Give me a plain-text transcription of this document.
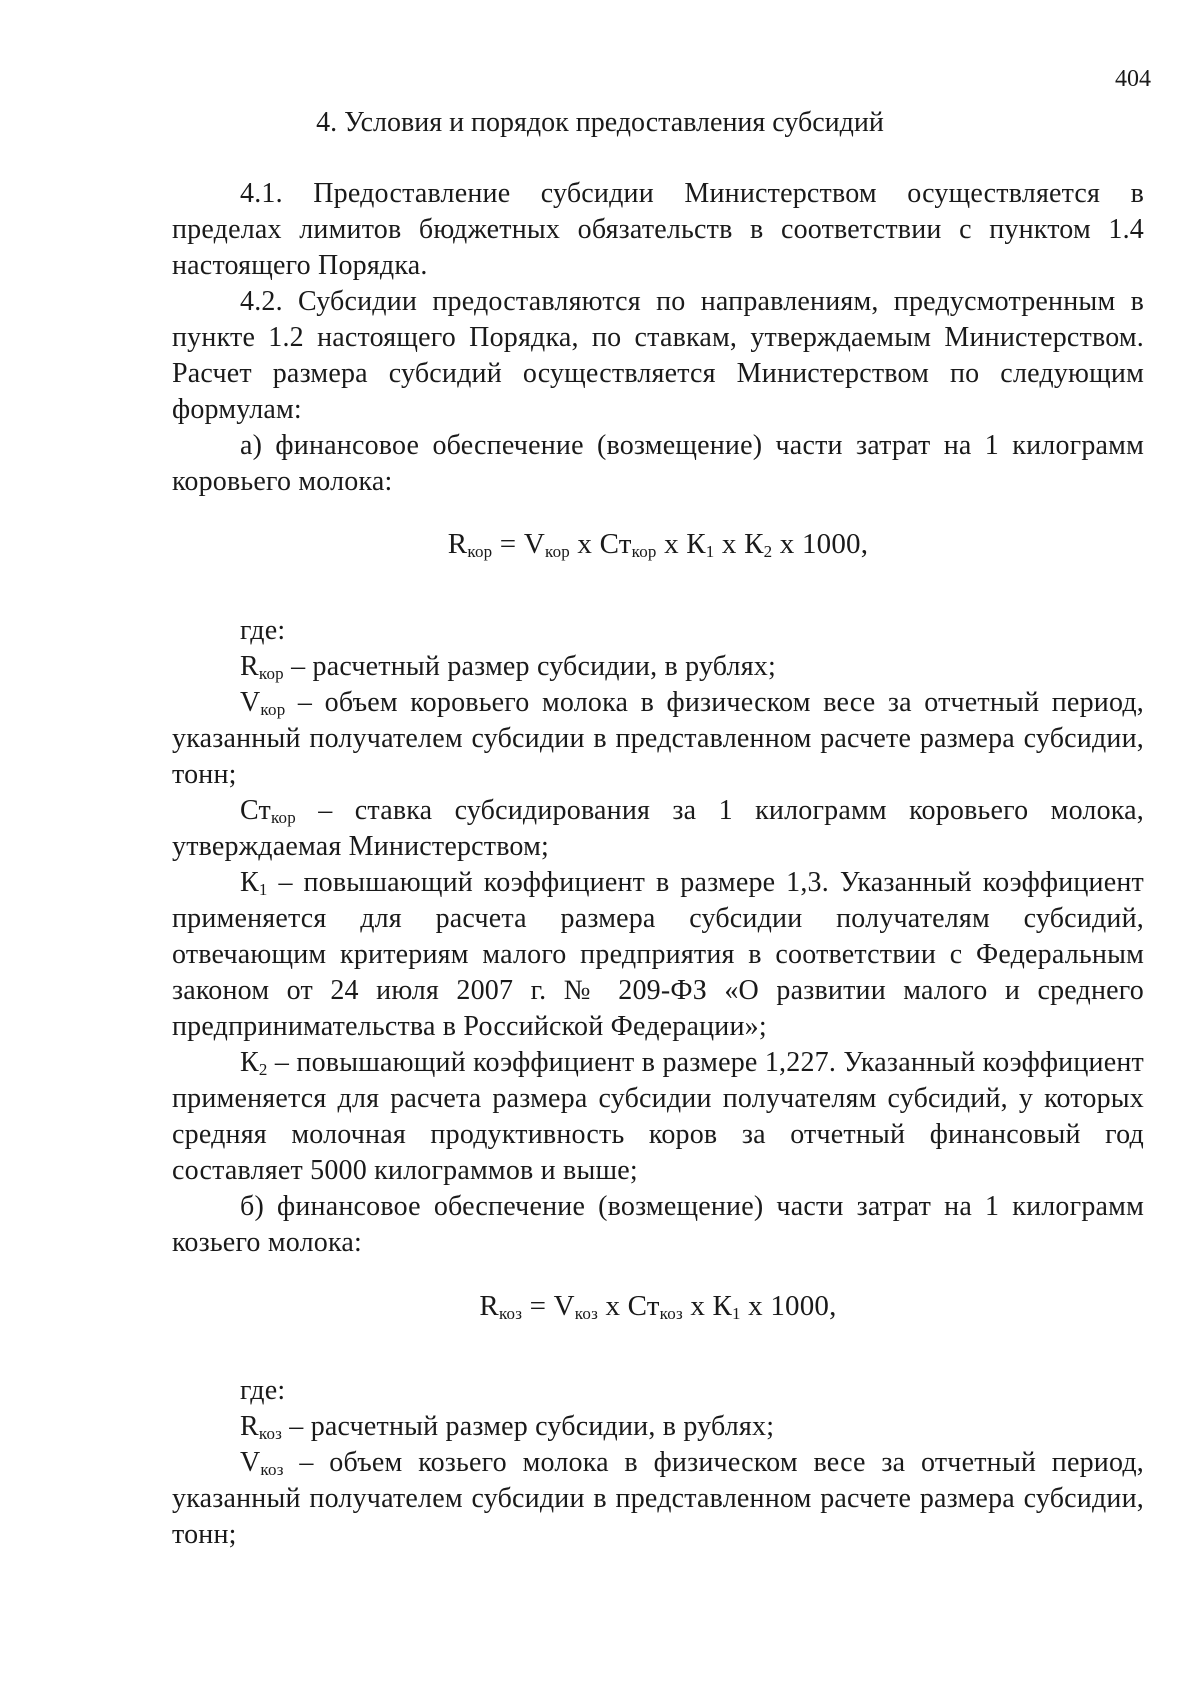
404
4. Условия и порядок предоставления субсидий

4.1. Предоставление субсидии Министерством осуществляется в пределах лимитов бюджетных обязательств в соответствии с пунктом 1.4 настоящего Порядка.

4.2. Субсидии предоставляются по направлениям, предусмотренным в пункте 1.2 настоящего Порядка, по ставкам, утверждаемым Министерством. Расчет размера субсидий осуществляется Министерством по следующим формулам:

а) финансовое обеспечение (возмещение) части затрат на 1 килограмм коровьего молока:

$R_{кор} = V_{кор}$ x $Ст_{кор}$ x $К_1$ x $К_2$ x 1000,

где:

$R_{кор}$ – расчетный размер субсидии, в рублях;

$V_{кор}$ – объем коровьего молока в физическом весе за отчетный период, указанный получателем субсидии в представленном расчете размера субсидии, тонн;

$Ст_{кор}$ – ставка субсидирования за 1 килограмм коровьего молока, утверждаемая Министерством;

$К_1$ – повышающий коэффициент в размере 1,3. Указанный коэффициент применяется для расчета размера субсидии получателям субсидий, отвечающим критериям малого предприятия в соответствии с Федеральным законом от 24 июля 2007 г. № 209-ФЗ «О развитии малого и среднего предпринимательства в Российской Федерации»;

$К_2$ – повышающий коэффициент в размере 1,227. Указанный коэффициент применяется для расчета размера субсидии получателям субсидий, у которых средняя молочная продуктивность коров за отчетный финансовый год составляет 5000 килограммов и выше;

б) финансовое обеспечение (возмещение) части затрат на 1 килограмм козьего молока:

$R_{коз} = V_{коз}$ x $Ст_{коз}$ x $К_1$ x 1000,

где:

$R_{коз}$ – расчетный размер субсидии, в рублях;

$V_{коз}$ – объем козьего молока в физическом весе за отчетный период, указанный получателем субсидии в представленном расчете размера субсидии, тонн;
